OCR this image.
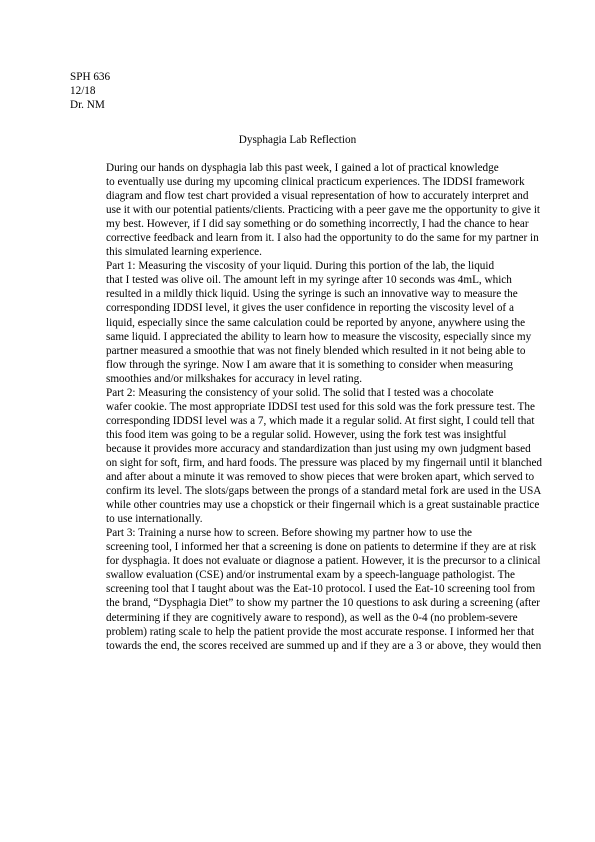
SPH 636
12/18
Dr. NM
Dysphagia Lab Reflection

During our hands on dysphagia lab this past week, I gained a lot of practical knowledge
to eventually use during my upcoming clinical practicum experiences. The IDDSI framework
diagram and flow test chart provided a visual representation of how to accurately interpret and
use it with our potential patients/clients. Practicing with a peer gave me the opportunity to give it
my best. However, if I did say something or do something incorrectly, I had the chance to hear
corrective feedback and learn from it. I also had the opportunity to do the same for my partner in
this simulated learning experience.

Part 1: Measuring the viscosity of your liquid. During this portion of the lab, the liquid
that I tested was olive oil. The amount left in my syringe after 10 seconds was 4mL, which
resulted in a mildly thick liquid. Using the syringe is such an innovative way to measure the
corresponding IDDSI level, it gives the user confidence in reporting the viscosity level of a
liquid, especially since the same calculation could be reported by anyone, anywhere using the
same liquid. I appreciated the ability to learn how to measure the viscosity, especially since my
partner measured a smoothie that was not finely blended which resulted in it not being able to
flow through the syringe. Now I am aware that it is something to consider when measuring
smoothies and/or milkshakes for accuracy in level rating.

Part 2: Measuring the consistency of your solid. The solid that I tested was a chocolate
wafer cookie. The most appropriate IDDSI test used for this sold was the fork pressure test. The
corresponding IDDSI level was a 7, which made it a regular solid. At first sight, I could tell that
this food item was going to be a regular solid. However, using the fork test was insightful
because it provides more accuracy and standardization than just using my own judgment based
on sight for soft, firm, and hard foods. The pressure was placed by my fingernail until it blanched
and after about a minute it was removed to show pieces that were broken apart, which served to
confirm its level. The slots/gaps between the prongs of a standard metal fork are used in the USA
while other countries may use a chopstick or their fingernail which is a great sustainable practice
to use internationally.

Part 3: Training a nurse how to screen. Before showing my partner how to use the
screening tool, I informed her that a screening is done on patients to determine if they are at risk
for dysphagia. It does not evaluate or diagnose a patient. However, it is the precursor to a clinical
swallow evaluation (CSE) and/or instrumental exam by a speech-language pathologist. The
screening tool that I taught about was the Eat-10 protocol. I used the Eat-10 screening tool from
the brand, “Dysphagia Diet” to show my partner the 10 questions to ask during a screening (after
determining if they are cognitively aware to respond), as well as the 0-4 (no problem-severe
problem) rating scale to help the patient provide the most accurate response. I informed her that
towards the end, the scores received are summed up and if they are a 3 or above, they would then
